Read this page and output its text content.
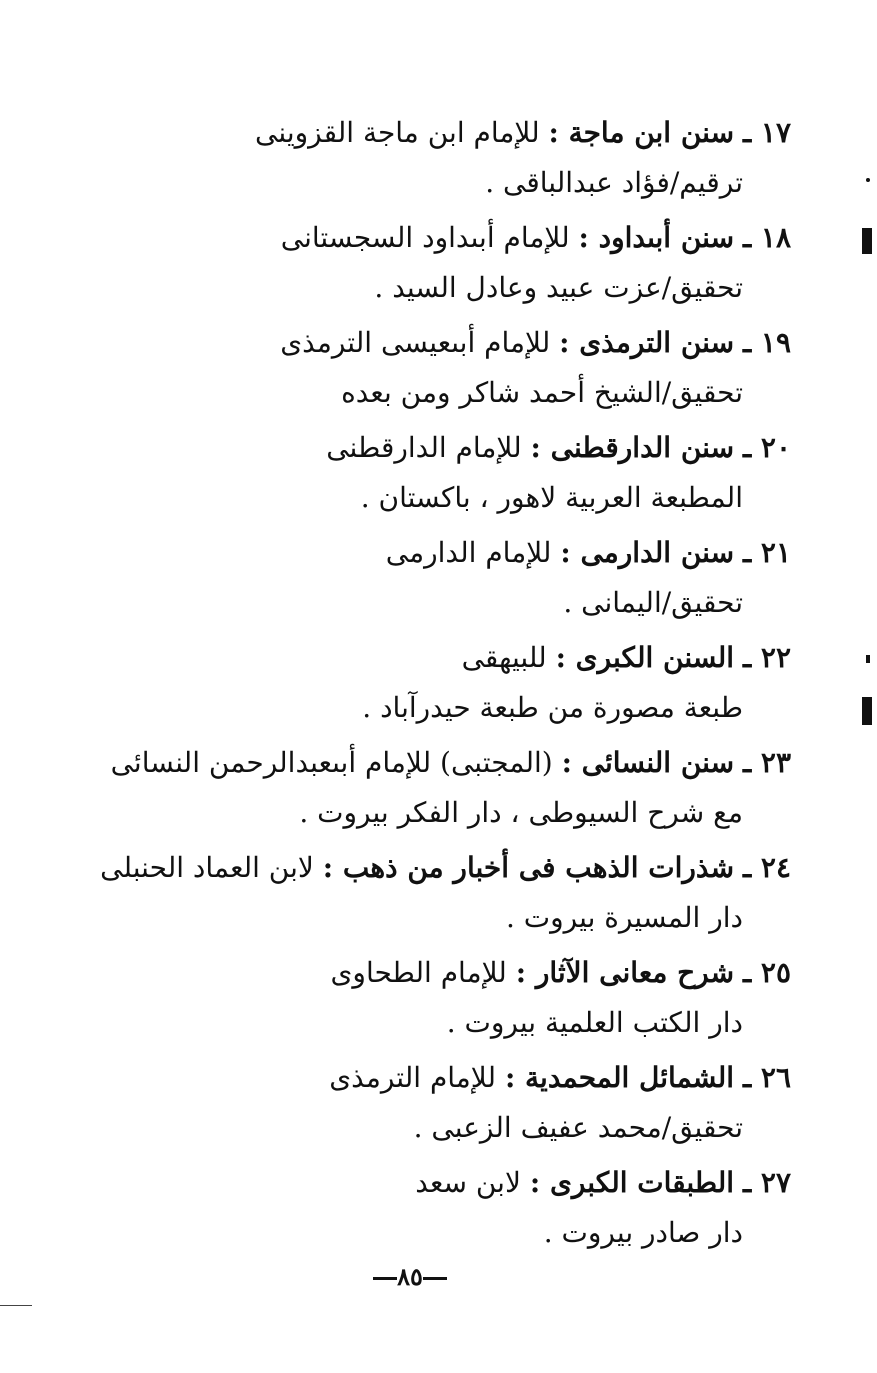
١٧ ـ سنن ابن ماجة : للإمام ابن ماجة القزوينى
ترقيم/فؤاد عبدالباقى .
١٨ ـ سنن أبىداود : للإمام أبىداود السجستانى
تحقيق/عزت عبيد وعادل السيد .
١٩ ـ سنن الترمذى : للإمام أبىعيسى الترمذى
تحقيق/الشيخ أحمد شاكر ومن بعده
٢٠ ـ سنن الدارقطنى : للإمام الدارقطنى
المطبعة العربية لاهور ، باكستان .
٢١ ـ سنن الدارمى : للإمام الدارمى
تحقيق/اليمانى .
٢٢ ـ السنن الكبرى : للبيهقى
طبعة مصورة من طبعة حيدرآباد .
٢٣ ـ سنن النسائى : (المجتبى) للإمام أبىعبدالرحمن النسائى
مع شرح السيوطى ، دار الفكر بيروت .
٢٤ ـ شذرات الذهب فى أخبار من ذهب : لابن العماد الحنبلى
دار المسيرة بيروت .
٢٥ ـ شرح معانى الآثار : للإمام الطحاوى
دار الكتب العلمية بيروت .
٢٦ ـ الشمائل المحمدية : للإمام الترمذى
تحقيق/محمد عفيف الزعبى .
٢٧ ـ الطبقات الكبرى : لابن سعد
دار صادر بيروت .
٨٥
